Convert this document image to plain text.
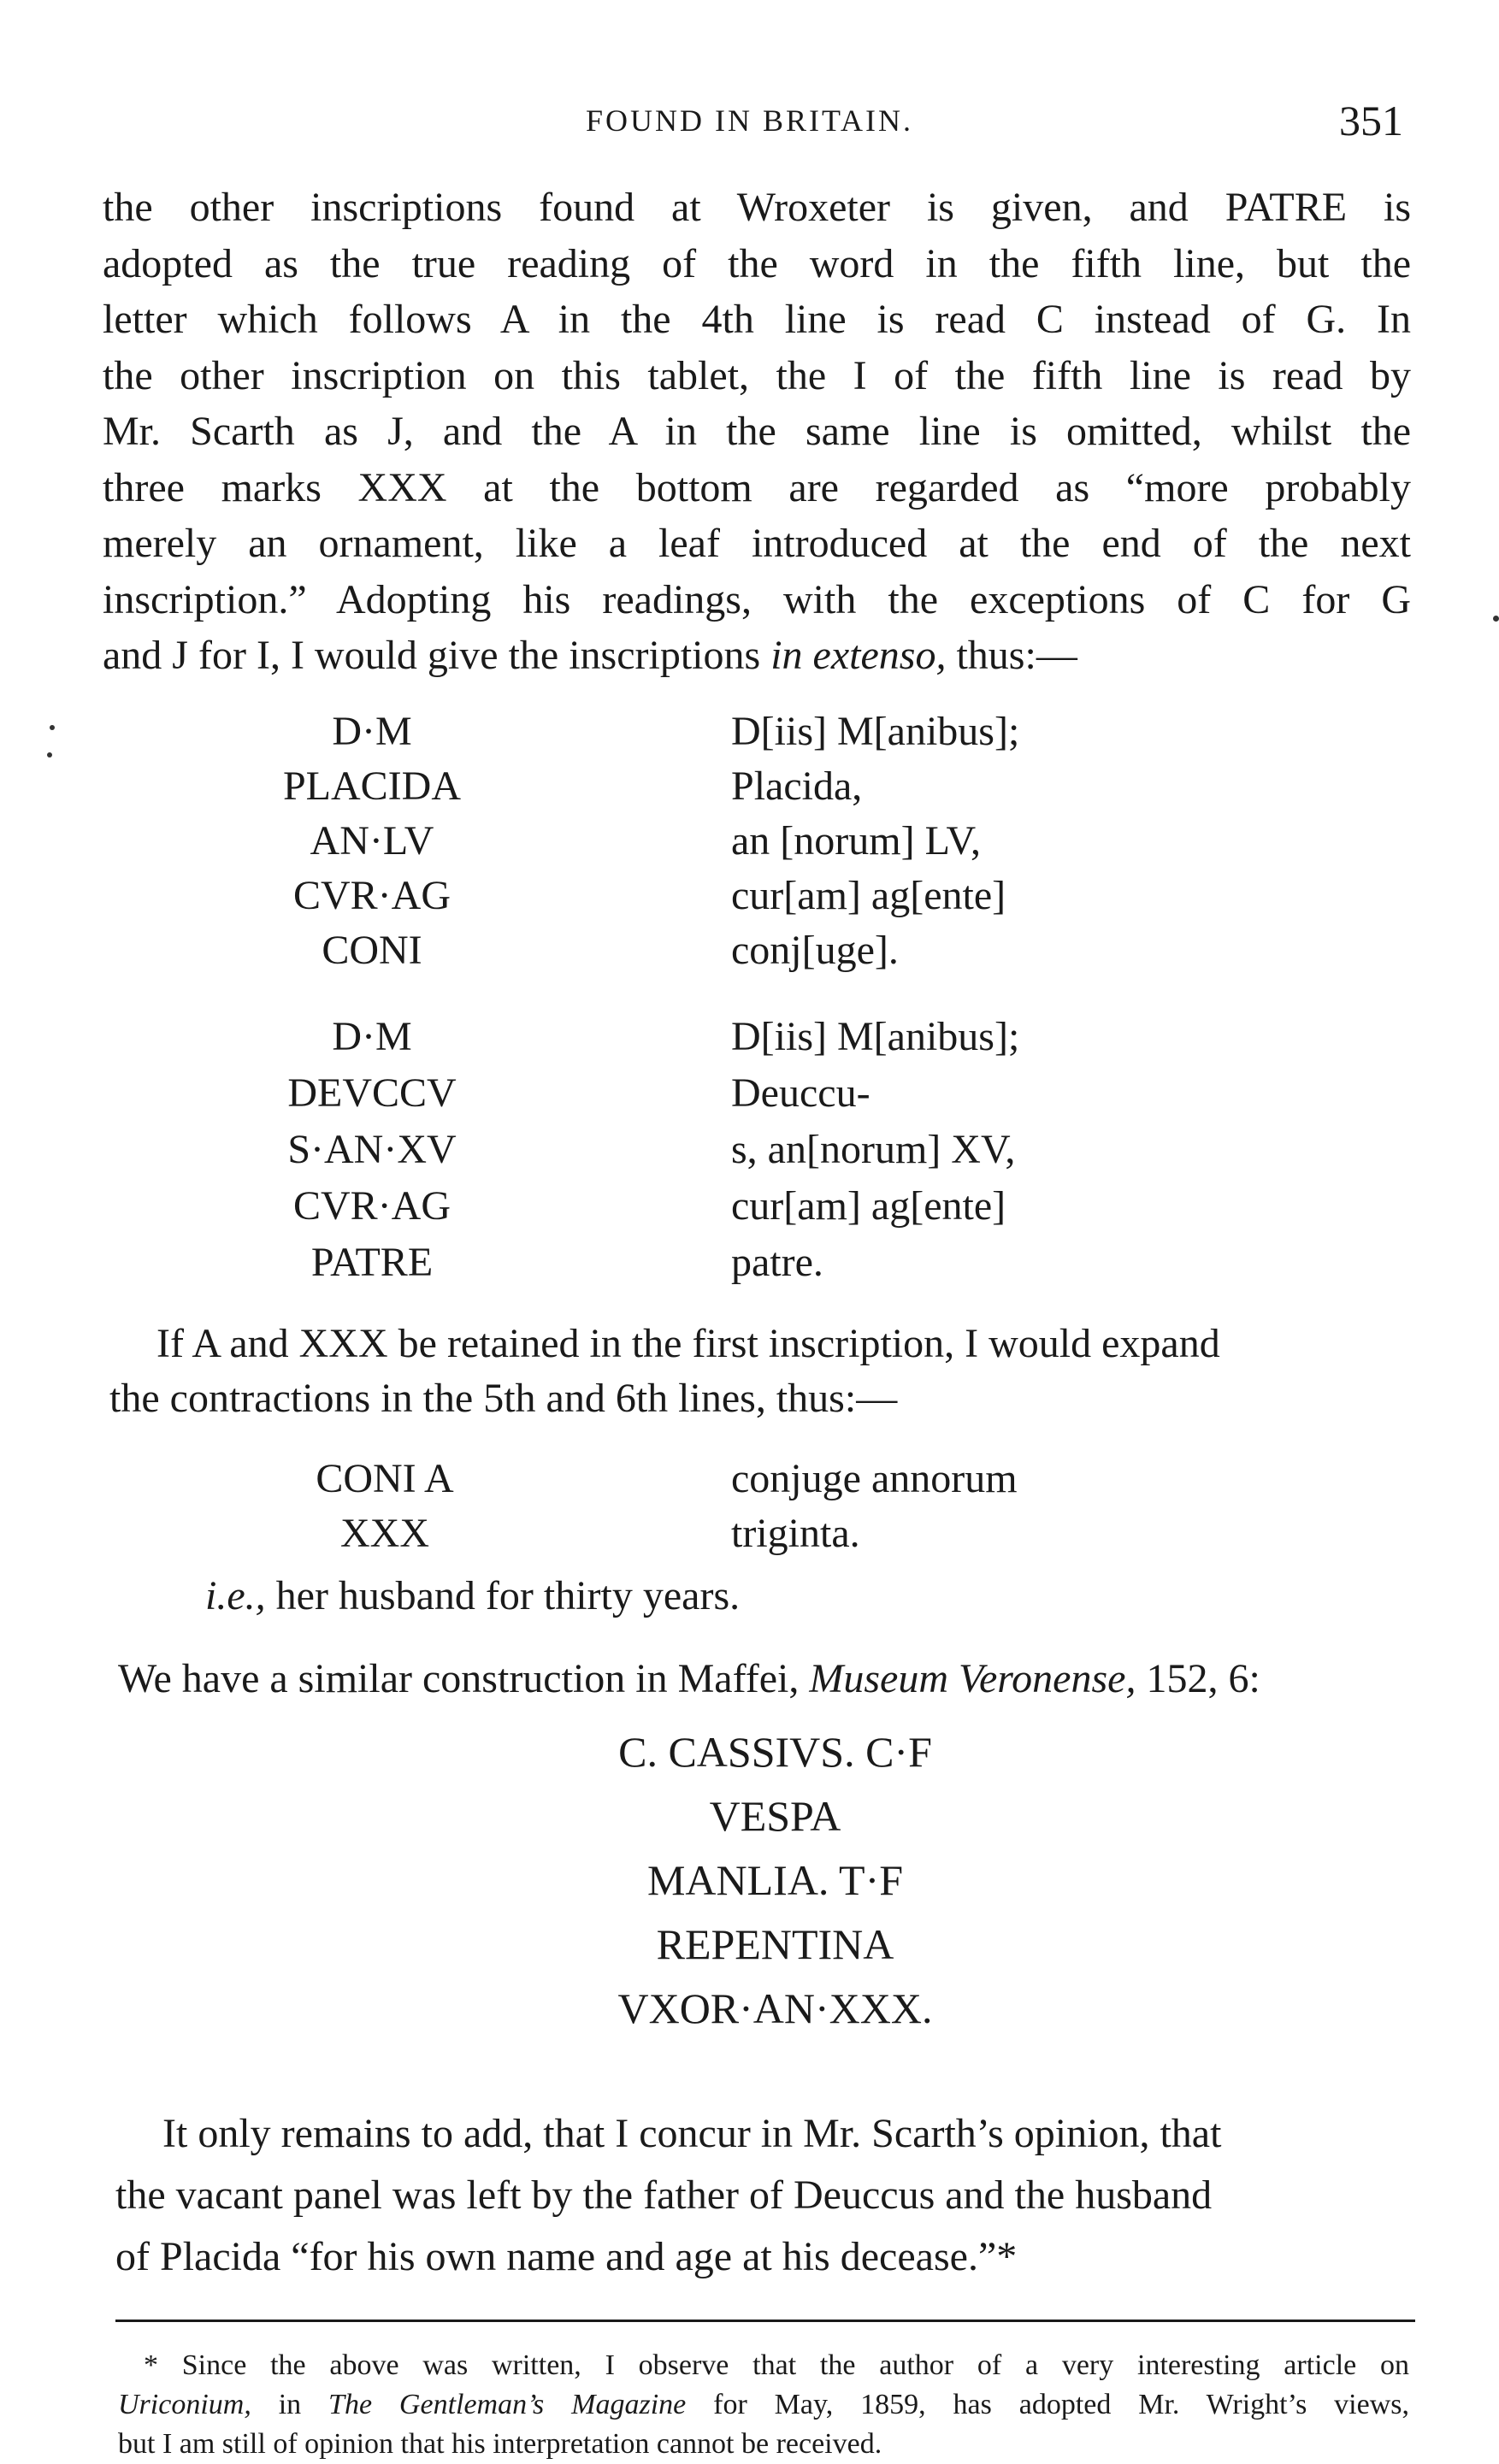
FOUND IN BRITAIN.	351
the other inscriptions found at Wroxeter is given, and PATRE is
adopted as the true reading of the word in the fifth line, but the
letter which follows A in the 4th line is read C instead of G. In
the other inscription on this tablet, the I of the fifth line is read by
Mr. Scarth as J, and the A in the same line is omitted, whilst the
three marks XXX at the bottom are regarded as “more probably
merely an ornament, like a leaf introduced at the end of the next
inscription.” Adopting his readings, with the exceptions of C for G
and J for I, I would give the inscriptions in extenso, thus:—
D·M	D[iis] M[anibus];
PLACIDA	Placida,
AN·LV	an [norum] LV,
CVR·AG	cur[am] ag[ente]
CONI	conj[uge].
D·M	D[iis] M[anibus];
DEVCCV	Deuccu-
S·AN·XV	s, an[norum] XV,
CVR·AG	cur[am] ag[ente]
PATRE	patre.
If A and XXX be retained in the first inscription, I would expand
the contractions in the 5th and 6th lines, thus:—
CONI A	conjuge annorum
XXX	triginta.
i.e., her husband for thirty years.
We have a similar construction in Maffei, Museum Veronense, 152, 6:
C. CASSIVS. C·F
VESPA
MANLIA. T·F
REPENTINA
VXOR·AN·XXX.
It only remains to add, that I concur in Mr. Scarth’s opinion, that
the vacant panel was left by the father of Deuccus and the husband
of Placida “for his own name and age at his decease.”*
* Since the above was written, I observe that the author of a very interesting article on
Uriconium, in The Gentleman’s Magazine for May, 1859, has adopted Mr. Wright’s views,
but I am still of opinion that his interpretation cannot be received.
